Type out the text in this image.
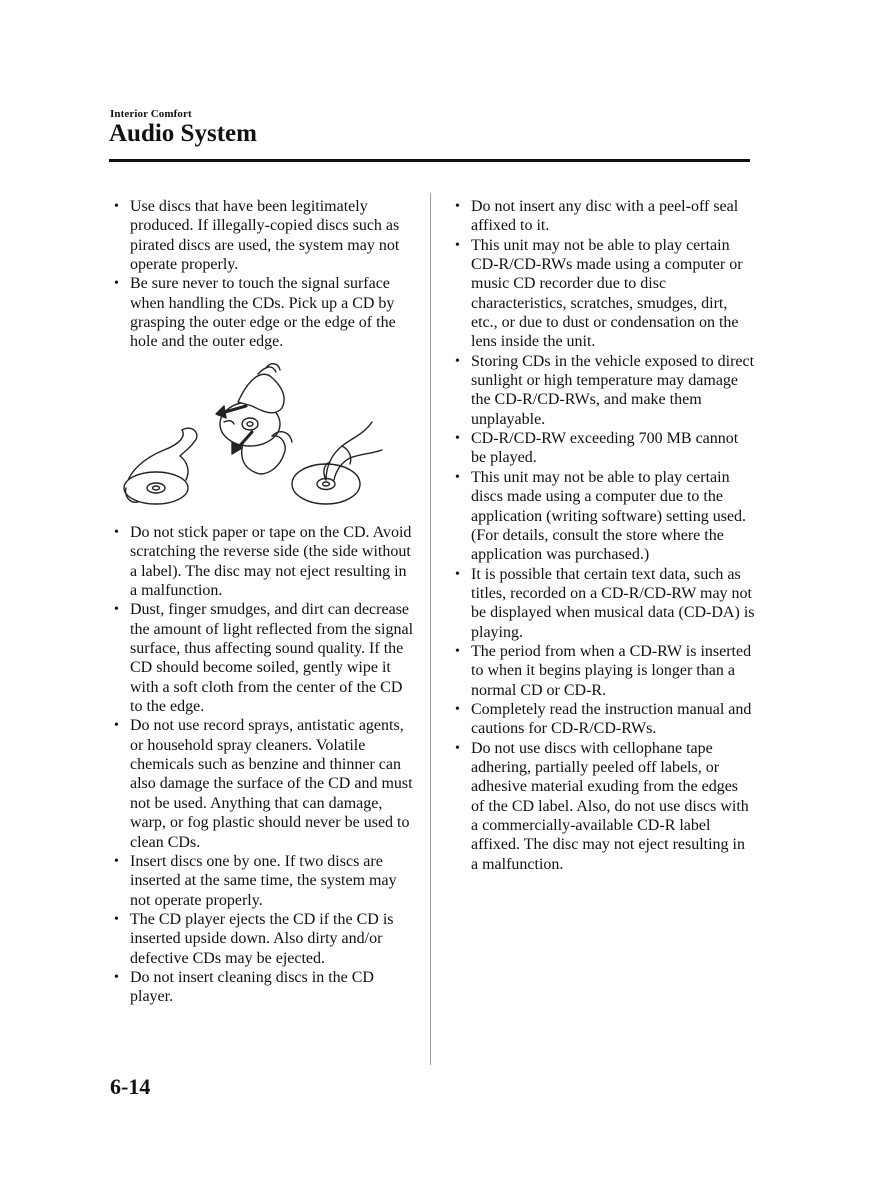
Interior Comfort
Audio System
• Use discs that have been legitimately produced. If illegally-copied discs such as pirated discs are used, the system may not operate properly.
• Be sure never to touch the signal surface when handling the CDs. Pick up a CD by grasping the outer edge or the edge of the hole and the outer edge.
• Do not stick paper or tape on the CD. Avoid scratching the reverse side (the side without a label). The disc may not eject resulting in a malfunction.
• Dust, finger smudges, and dirt can decrease the amount of light reflected from the signal surface, thus affecting sound quality. If the CD should become soiled, gently wipe it with a soft cloth from the center of the CD to the edge.
• Do not use record sprays, antistatic agents, or household spray cleaners. Volatile chemicals such as benzine and thinner can also damage the surface of the CD and must not be used. Anything that can damage, warp, or fog plastic should never be used to clean CDs.
• Insert discs one by one. If two discs are inserted at the same time, the system may not operate properly.
• The CD player ejects the CD if the CD is inserted upside down. Also dirty and/or defective CDs may be ejected.
• Do not insert cleaning discs in the CD player.
• Do not insert any disc with a peel-off seal affixed to it.
• This unit may not be able to play certain CD-R/CD-RWs made using a computer or music CD recorder due to disc characteristics, scratches, smudges, dirt, etc., or due to dust or condensation on the lens inside the unit.
• Storing CDs in the vehicle exposed to direct sunlight or high temperature may damage the CD-R/CD-RWs, and make them unplayable.
• CD-R/CD-RW exceeding 700 MB cannot be played.
• This unit may not be able to play certain discs made using a computer due to the application (writing software) setting used. (For details, consult the store where the application was purchased.)
• It is possible that certain text data, such as titles, recorded on a CD-R/CD-RW may not be displayed when musical data (CD-DA) is playing.
• The period from when a CD-RW is inserted to when it begins playing is longer than a normal CD or CD-R.
• Completely read the instruction manual and cautions for CD-R/CD-RWs.
• Do not use discs with cellophane tape adhering, partially peeled off labels, or adhesive material exuding from the edges of the CD label. Also, do not use discs with a commercially-available CD-R label affixed. The disc may not eject resulting in a malfunction.
6-14
